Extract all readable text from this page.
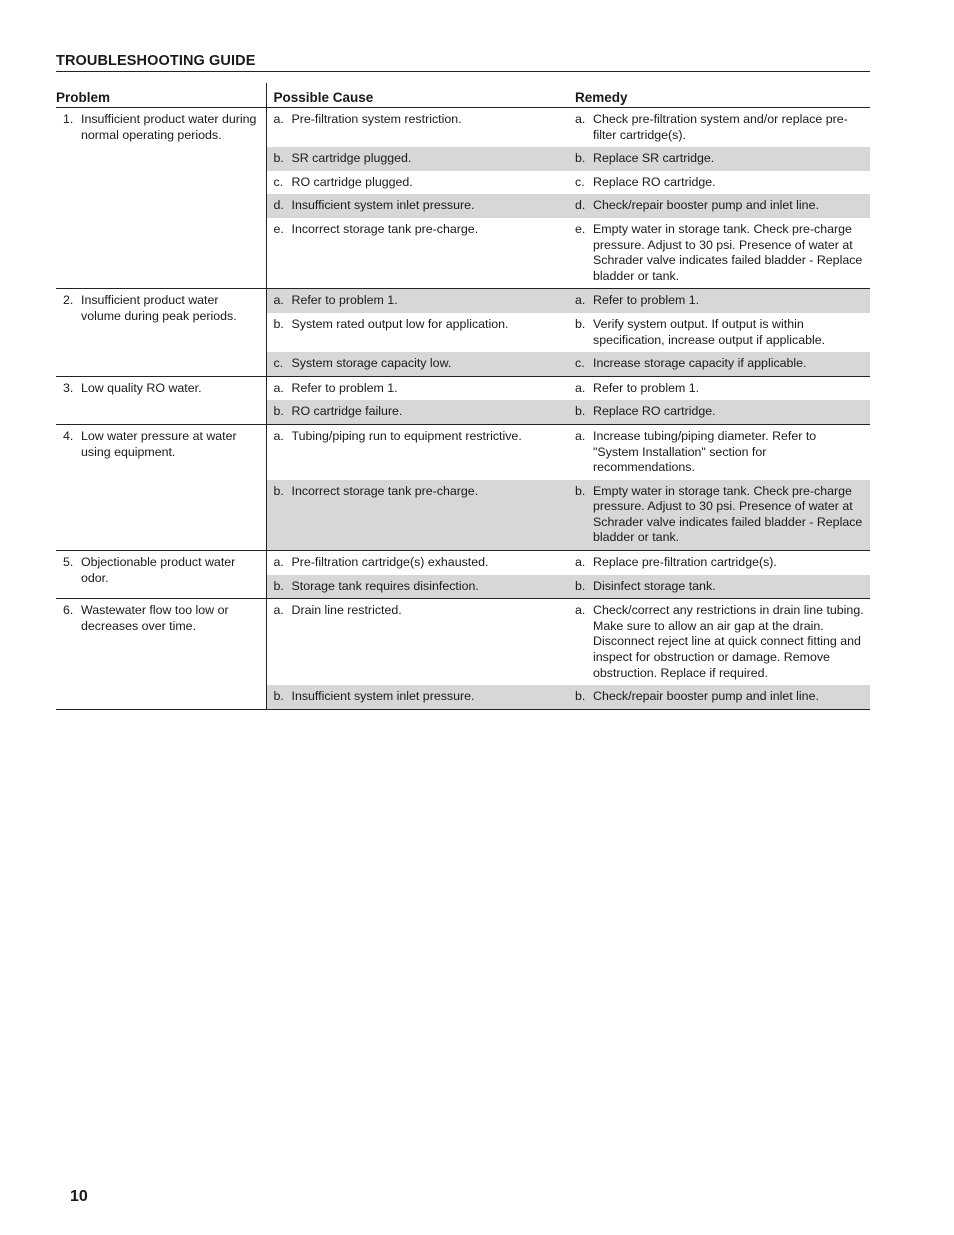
TROUBLESHOOTING GUIDE
Problem	Possible Cause	Remedy

1. Insufficient product water during normal operating periods.	a. Pre-filtration system restriction.	a. Check pre-filtration system and/or replace pre-filter cartridge(s).

	b. SR cartridge plugged.	b. Replace SR cartridge.

	c. RO cartridge plugged.	c. Replace RO cartridge.

	d. Insufficient system inlet pressure.	d. Check/repair booster pump and inlet line.

	e. Incorrect storage tank pre-charge.	e. Empty water in storage tank. Check pre-charge pressure. Adjust to 30 psi. Presence of water at Schrader valve indicates failed bladder - Replace bladder or tank.

2. Insufficient product water volume during peak periods.	a. Refer to problem 1.	a. Refer to problem 1.

	b. System rated output low for application.	b. Verify system output. If output is within specification, increase output if applicable.

	c. System storage capacity low.	c. Increase storage capacity if applicable.

3. Low quality RO water.	a. Refer to problem 1.	a. Refer to problem 1.

	b. RO cartridge failure.	b. Replace RO cartridge.

4. Low water pressure at water using equipment.	a. Tubing/piping run to equipment restrictive.	a. Increase tubing/piping diameter. Refer to "System Installation" section for recommendations.

	b. Incorrect storage tank pre-charge.	b. Empty water in storage tank. Check pre-charge pressure. Adjust to 30 psi. Presence of water at Schrader valve indicates failed bladder - Replace bladder or tank.

5. Objectionable product water odor.	a. Pre-filtration cartridge(s) exhausted.	a. Replace pre-filtration cartridge(s).

	b. Storage tank requires disinfection.	b. Disinfect storage tank.

6. Wastewater flow too low or decreases over time.	a. Drain line restricted.	a. Check/correct any restrictions in drain line tubing. Make sure to allow an air gap at the drain. Disconnect reject line at quick connect fitting and inspect for obstruction or damage. Remove obstruction. Replace if required.

	b. Insufficient system inlet pressure.	b. Check/repair booster pump and inlet line.
10
